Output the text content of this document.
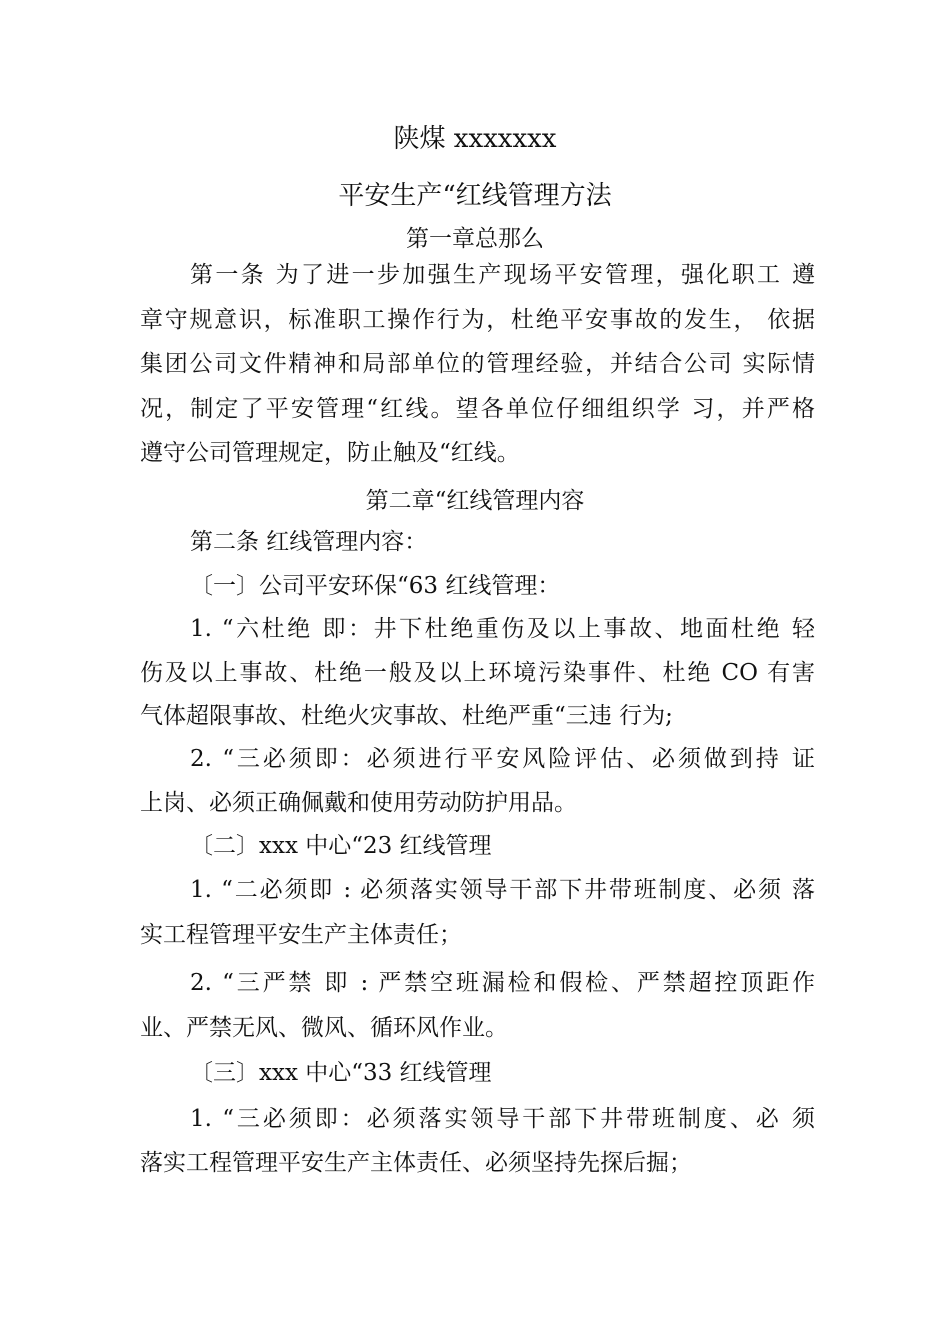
陕煤 xxxxxxx
平安生产“红线管理方法
第一章总那么
第一条 为了进一步加强生产现场平安管理，强化职工 遵
章守规意识，标准职工操作行为，杜绝平安事故的发生， 依据
集团公司文件精神和局部单位的管理经验，并结合公司 实际情
况，制定了平安管理“红线。望各单位仔细组织学 习，并严格
遵守公司管理规定，防止触及“红线。
第二章“红线管理内容
第二条 红线管理内容：
〔一〕公司平安环保“63 红线管理：
1. “六杜绝 即：井下杜绝重伤及以上事故、地面杜绝 轻
伤及以上事故、杜绝一般及以上环境污染事件、杜绝 CO 有害
气体超限事故、杜绝火灾事故、杜绝严重“三违 行为;
2. “三必须即：必须进行平安风险评估、必须做到持 证
上岗、必须正确佩戴和使用劳动防护用品。
〔二〕xxx 中心“23 红线管理
1. “二必须即 : 必须落实领导干部下井带班制度、必须 落
实工程管理平安生产主体责任；
2. “三严禁 即 : 严禁空班漏检和假检、严禁超控顶距作
业、严禁无风、微风、循环风作业。
〔三〕xxx 中心“33 红线管理
1. “三必须即：必须落实领导干部下井带班制度、必 须
落实工程管理平安生产主体责任、必须坚持先探后掘；
